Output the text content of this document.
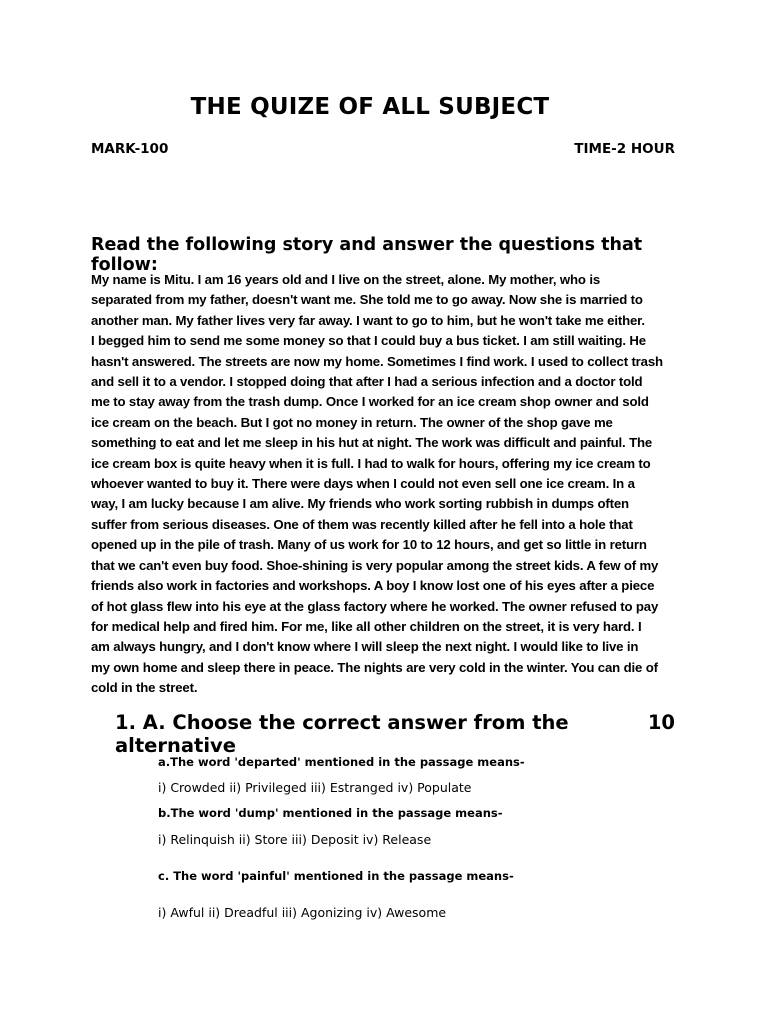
THE QUIZE OF ALL SUBJECT
MARK-100	TIME-2 HOUR
Read the following story and answer the questions that follow:

My name is Mitu. I am 16 years old and I live on the street, alone. My mother, who is

separated from my father, doesn't want me. She told me to go away. Now she is married to

another man. My father lives very far away. I want to go to him, but he won't take me either.

I begged him to send me some money so that I could buy a bus ticket. I am still waiting. He

hasn't answered. The streets are now my home. Sometimes I find work. I used to collect trash

and sell it to a vendor. I stopped doing that after I had a serious infection and a doctor told

me to stay away from the trash dump. Once I worked for an ice cream shop owner and sold

ice cream on the beach. But I got no money in return. The owner of the shop gave me

something to eat and let me sleep in his hut at night. The work was difficult and painful. The

ice cream box is quite heavy when it is full. I had to walk for hours, offering my ice cream to

whoever wanted to buy it. There were days when I could not even sell one ice cream. In a

way, I am lucky because I am alive. My friends who work sorting rubbish in dumps often

suffer from serious diseases. One of them was recently killed after he fell into a hole that

opened up in the pile of trash. Many of us work for 10 to 12 hours, and get so little in return

that we can't even buy food. Shoe-shining is very popular among the street kids. A few of my

friends also work in factories and workshops. A boy I know lost one of his eyes after a piece

of hot glass flew into his eye at the glass factory where he worked. The owner refused to pay

for medical help and fired him. For me, like all other children on the street, it is very hard. I

am always hungry, and I don't know where I will sleep the next night. I would like to live in

my own home and sleep there in peace. The nights are very cold in the winter. You can die of

cold in the street.

1. A. Choose the correct answer from the alternative
10
a.The word 'departed' mentioned in the passage means-
i) Crowded ii) Privileged iii) Estranged iv) Populate
b.The word 'dump' mentioned in the passage means-
i) Relinquish ii) Store iii) Deposit iv) Release
c. The word 'painful' mentioned in the passage means-
i) Awful ii) Dreadful iii) Agonizing iv) Awesome
